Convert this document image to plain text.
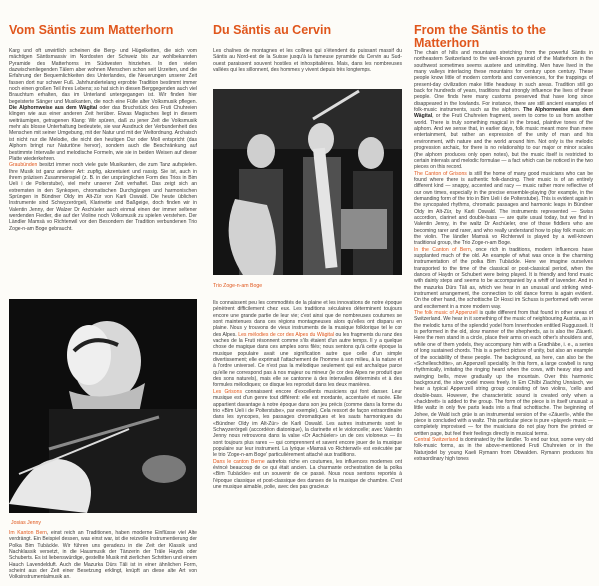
Vom Säntis zum Matterhorn

Karg und oft unwirtlich scheinen die Berg- und Hügelketten, die sich vom mächtigen Säntismassiv im Nordosten der Schweiz bis zur wohlbekannten Pyramide des Matterhorns im Südwesten hinziehen. In den vielen dazwischenliegenden Tälern aber wohnen Menschen schon seit Urzeiten, und die Erfahrung der Bequemlichkeiten des Unterlandes, die Neuerungen unserer Zeit fassen dort nur schwer Fuß. Jahrhundertelang erprobte Tradition bestimmt immer noch einen großen Teil ihres Lebens; so hat sich in diesen Berggegenden auch viel Brauchtum erhalten, das im Unterland untergegangen ist. Wir finden hier begeisterte Sänger und Musikanten, die noch eine Fülle alter Volksmusik pflegen. Die Alphornweise aus dem Wägital oder das Bruchstück des Fruti Chuhreien klingen wie aus einer anderen Zeit herüber. Etwas Magisches liegt in diesem weiträumigen, getragenen Klang: Wir spüren, daß zu jener Zeit die Volksmusik mehr als blosse Unterhaltung bedeutete, sie war Ausdruck der Verbundenheit des Menschen mit seiner Umgebung, mit der Natur und mit der Weltordnung. Archaisch ist nicht nur die Melodie, die nicht den heutigen Dur oder Moll entspricht (das Alphorn bringt nur Naturtöne hervor), sondern auch die Beschränkung auf bestimmte Intervalle und melodische Formeln, wie sie in beiden Weisen auf dieser Platte wiederkehren.

Graubünden besitzt immer noch viele gute Musikanten, die zum Tanz aufspielen. Ihre Musik ist ganz anderer Art: zupfig, akzentuiert und rassig. Sie ist, auch in ihrem präzisen Zusammenspiel (z. B. in der ursprünglichen Form des Trios in Bim Ueli i de Polterstube), viel mehr unserer Zeit verhaftet. Das zeigt sich an extremsten in den Synkopen, chromatischen Durchgängen und harmonischen Sprüngen in Bündner Oldy im Alt-Zür von Karli Oswald. Die heute üblichen Instrumente sind Schwyzerörgeli, Klarinette und Baßgeige, doch finden wir in Valentin Jenny, der Walzer Dr Aschüeler auch einmal einen der immer seltener werdenden Fiedler, die auf der Violine noch Volksmusik zu spielen verstehen. Der Ländler Mamsä vo Richtenwil vor den Besondern der Tradition verbundenen Trio Zoge-n-am Boge gebraucht.

Josias Jenny

Im Kanton Bern, einst reich an Traditionen, haben moderne Einflüsse viel Alte verdrängt. Ein Beispiel dessen, was einst war, ist die reizvolle Instrumentierung der Polka Bim Tubäckle. Wir führen uns geradezu in die Zeit der Klassik und Nachklassik versetzt, in die Hausmusik der Tänzerin der Träle Hayds oder Schuberts. Es ist liebenswürdige, gestellte Musik mit zierlichen Schritten und einem Hauch Lavendelduft. Auch die Mazurka Dürs Täli ist in einer ähnlichen Form, scheint aus der Zeit einer Besetzung erklingt, knüpft an diese alte Art von Volksinstrumentalmusik an.

Du Säntis au Cervin

Les chaînes de montagnes et les collines qui s'étendent du puissant massif du Säntis au Nord-est de la Suisse jusqu'à la fameuse pyramide du Cervin au Sud-ouest paraissent souvent hostiles et inhospitalières. Mais, dans les nombreuses vallées qui les sillonnent, des hommes y vivent depuis très longtemps.

Trio Zoge-n-am Boge

Ils connaissent peu les commodités de la plaine et les innovations de notre époque pénètrent difficilement chez eux. Les traditions séculaires déterminent toujours encore une grande partie de leur vie; c'est ainsi que de nombreuses coutumes se sont maintenues dans ces régions montagneuses alors qu'elles ont disparu en plaine. Nous y trouvons de vieux instruments de la musique folklorique tel le cor des Alpes. Les mélodies de cor des Alpes du Wägital ou les fragments du ranz des vaches de la Fruti résonnent comme s'ils étaient d'un autre temps. Il y a quelque chose de magique dans ces amples sons filés; nous sentons qu'à cette époque la musique populaire avait une signification autre que celle d'un simple divertissement; elle exprimait l'attachement de l'homme à son milieu, à la nature et à l'ordre universel. Ce n'est pas la mélodique seulement qui est archaïque parce qu'elle ne correspond pas à nos majeur ou mineur (le cor des Alpes ne produit que des sons naturels), mais elle se cantonne à des intervalles déterminés et à des formules mélodiques; ce disque les reproduit dans les deux manières.

Les Grisons connaissent encore d'excellents musiciens qui font danser. Leur musique est d'un genre tout différent: elle est mordante, accentuée et racée. Elle appartient davantage à notre époque dans son jeu précis (comme dans la forme du trio «Bim Ueli i de Polterstube», par exemple). Cela ressort de façon extraordinaire dans les syncopes, les passages chromatiques et les sauts harmoniques du «Bündner Oldy im Alt-Zür» de Karli Oswald. Les autres instruments sont le Schwyzerörgeli (accordéon diatonique), la clarinette et le violoncelle; avec Valentin Jenny nous retrouvons dans la valse «Dr Aschüeler» un de ces violoneux — ils sont toujours plus rares — qui comprennent et savent encore jouer de la musique populaire sur leur instrument. La lyrique «Mamsä vo Richtenwil» est exécutée par le trio 'Zoge-n-am Boge' particulièrement attaché aux traditions.

Dans le canton Berne autrefois riche en coutumes, les influences modernes ont évincé beaucoup de ce qui était ancien. La charmante orchestration de la polka «Bim Tubäckle» est un souvenir de ce passé. Nous nous sentons reportés à l'époque classique et post-classique des danses de la musique de chambre. C'est une musique aimable, polie, avec des pas gracieux

From the Säntis to the Matterhorn

The chain of hills and mountains stretching from the powerful Säntis in northeastern Switzerland to the well-known pyramid of the Matterhorn in the southwest sometimes seems austere and uninviting. Men have lived in the many valleys interlacing these mountains for century upon century. These people know little of modern comforts and conveniences, for the trappings of present-day civilization make little headway in such areas. Tradition still go back for hundreds of years, traditions that strongly influence the lives of these people. One finds here many customs preserved that have long since disappeared in the lowlands. For instance, there are still ancient examples of folk-music instruments, such as the alphorn. The Alphornweise aus dem Wägital, or the Fruti Chuhreien fragment, seem to come to us from another world. There is truly something magical in the broad, plaintive tones of the alphorn. And we sense that, in earlier days, folk music meant more than mere entertainment, but rather an expression of the unity of man and his environment, with nature and the world around him. Not only is the melodic progression archaic, for there is no relationship to our major or minor scales (the alphorn produces only open notes), but the music itself is restricted to certain intervals and melodic formulae — a fact which can be noticed in the two pieces on this record.

The Canton of Grisons is still the home of many good musicians who can be found where there is authentic folk-dancing. Their music is of an entirely different kind — snappy, accented and racy — music rather more reflective of our own times, especially in the precise ensemble-playing (for example, in the demanding form of the trio in Bim Ueli i de Polterstube). This is evident again in the syncopated rhythms, chromatic passages and harmonic leaps in Bündner Oldy im Alt-Zür, by Karli Oswald. The instruments represented — Swiss accordion, clarinet and double-bass — are quite usual today, but we find in Valentin Jenny, in the waltz Dr Aschüeler, one of those fiddlers who are becoming rarer and rarer, and who really understand how to play folk music on the violin. The ländler Mamsä vo Richtenwil is played by a well-known traditional group, the Trio Zoge-n-am Boge.

In the Canton of Bern, once rich in traditions, modern influences have supplanted much of the old. An example of what was once is the charming instrumentation of the polka Bim Tubäckle. Here we imagine ourselves transported to the time of the classical or post-classical period, when the dances of Haydn or Schubert were being played. It is friendly and fond music with dainty steps and seems to be accompanied by a whiff of lavender. And in the mazurka Dürs Täli as, which we hear in an unusual and striking wind-instrument arrangement, the connection to old dance forms is again evident. On the other hand, the schottische Dr Hosci im Schuss is performed with verve and excitement in a more modern way.

The folk music of Appenzell is quite different from that found in other areas of Switzerland. We hear in it something of the music of neighbouring Austria, as in the melodic turns of the splendid yodel from Innerrhoden entitled Ruggusseli. It is performed in the old, slow manner of the shepherds, as is also the Zäuerli. Here the men stand in a circle, place their arms on each other's shoulders and, while one of them yodels, they accompany him with a Gradhäbe, i. e., a series of long sustained chords. This is a perfect picture of unity, but also an example of the sociability of these people. The background, as here, can also be the «Schelleschötte», an Appenzell speciality. In this form, a large cowbell is rung rhythmically, imitating the ringing heard when the cows, with heavy step and swinging bells, move gradually up the mountain. Over this harmonic background, the slow yodel moves freely. In Em Chilbi Ziachhg Unnäsch, we hear a typical Appenzell string group consisting of two violins, 'cello and double-bass. However, the characteristic sound is created only when a «hackbrett» is added to the group. The form of the piece is in itself unusual: a little waltz in only five parts leads into a final schottische. The beginning of Johee, de Wald isch grüe is an instrumental version of the «Zäuerli», while the piece is concluded with a waltz. This particular piece is pure «played» music — completely improvised — for the musicians do not play from the printed or written page, but feel their feelings directly in musical terms.

Central Switzerland is dominated by the ländler. To end our tour, some very old folk-music forms, as in the above-mentioned Fruti Chuhreien or in the Naturjodel by young Kaeli Rymann from Obwalden. Rymann produces his extraordinary high tones
